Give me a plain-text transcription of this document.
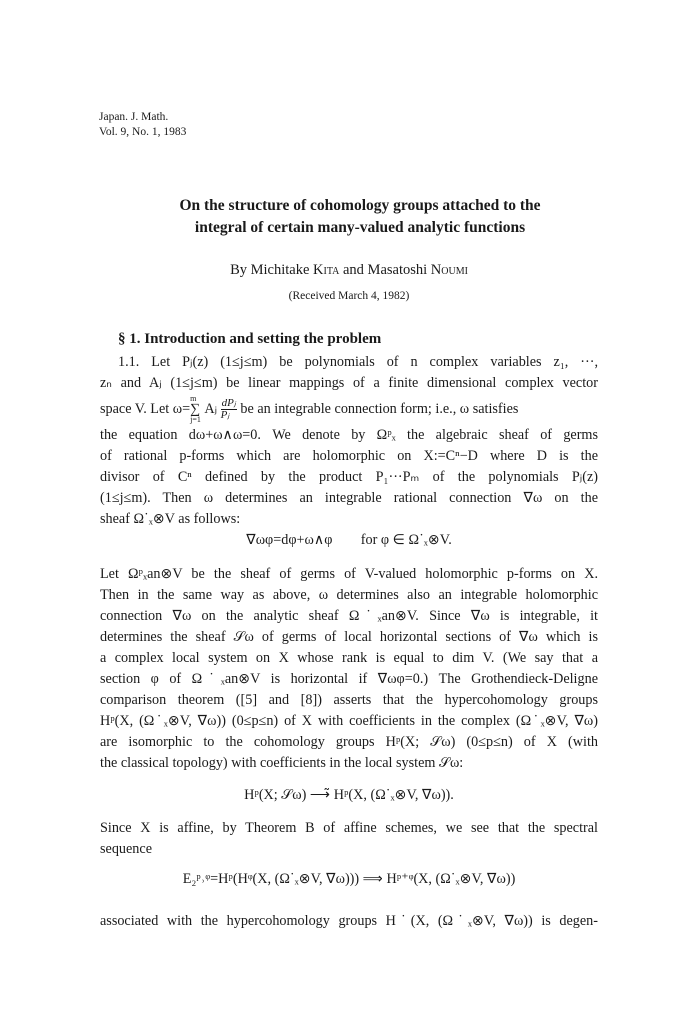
Japan. J. Math.
Vol. 9, No. 1, 1983
On the structure of cohomology groups attached to the
integral of certain many-valued analytic functions
By Michitake Kita and Masatoshi Noumi
(Received March 4, 1982)
§ 1. Introduction and setting the problem
1.1. Let Pⱼ(z) (1≤j≤m) be polynomials of n complex variables z₁, ···,
zₙ and Aⱼ (1≤j≤m) be linear mappings of a finite dimensional complex vector
space V. Let ω=m
∑
j=1 Aⱼ $\frac{\text{dPⱼ}}{\text{Pⱼ}}$ be an integrable connection form; i.e., ω satisfies
the equation dω+ω∧ω=0. We denote by Ωᵖₓ the algebraic sheaf of germs
of rational p-forms which are holomorphic on X:=Cⁿ−D where D is the
divisor of Cⁿ defined by the product P₁···Pₘ of the polynomials Pⱼ(z)
(1≤j≤m). Then ω determines an integrable rational connection ∇ω on the
sheaf Ω˙ₓ⊗V as follows:
∇ωφ=dφ+ω∧φ        for φ ∈ Ω˙ₓ⊗V.
Let Ωᵖₓan⊗V be the sheaf of germs of V-valued holomorphic p-forms on X.
Then in the same way as above, ω determines also an integrable holomorphic
connection ∇ω on the analytic sheaf Ω˙ₓan⊗V. Since ∇ω is integrable, it
determines the sheaf 𝒮ω of germs of local horizontal sections of ∇ω which is
a complex local system on X whose rank is equal to dim V. (We say that a
section φ of Ω˙ₓan⊗V is horizontal if ∇ωφ=0.) The Grothendieck-Deligne
comparison theorem ([5] and [8]) asserts that the hypercohomology groups
Hᵖ(X, (Ω˙ₓ⊗V, ∇ω)) (0≤p≤n) of X with coefficients in the complex (Ω˙ₓ⊗V, ∇ω)
are isomorphic to the cohomology groups Hᵖ(X; 𝒮ω) (0≤p≤n) of X (with
the classical topology) with coefficients in the local system 𝒮ω:
Hᵖ(X; 𝒮ω) ⟶̃ Hᵖ(X, (Ω˙ₓ⊗V, ∇ω)).
Since X is affine, by Theorem B of affine schemes, we see that the spectral
sequence
E₂ᵖ˒ᵠ=Hᵖ(Hᵠ(X, (Ω˙ₓ⊗V, ∇ω))) ⟹ Hᵖ⁺ᵠ(X, (Ω˙ₓ⊗V, ∇ω))
associated with the hypercohomology groups H˙(X, (Ω˙ₓ⊗V, ∇ω)) is degen-
